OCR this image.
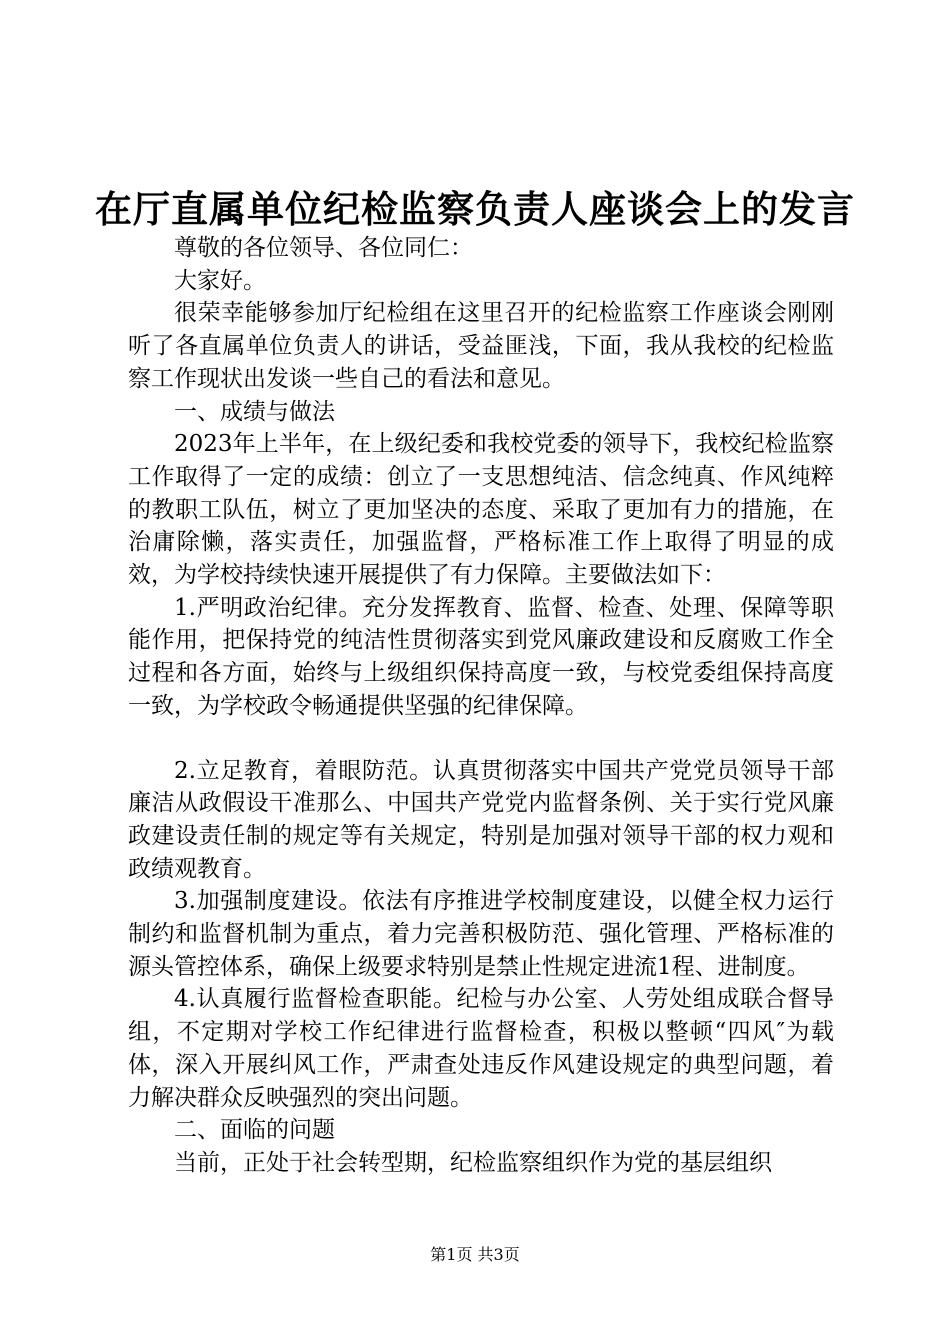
在厅直属单位纪检监察负责人座谈会上的发言

尊敬的各位领导、各位同仁：

大家好。

很荣幸能够参加厅纪检组在这里召开的纪检监察工作座谈会刚刚听了各直属单位负责人的讲话，受益匪浅，下面，我从我校的纪检监察工作现状出发谈一些自己的看法和意见。

一、成绩与做法

2023年上半年，在上级纪委和我校党委的领导下，我校纪检监察工作取得了一定的成绩：创立了一支思想纯洁、信念纯真、作风纯粹的教职工队伍，树立了更加坚决的态度、采取了更加有力的措施，在治庸除懒，落实责任，加强监督，严格标准工作上取得了明显的成效，为学校持续快速开展提供了有力保障。主要做法如下：

1.严明政治纪律。充分发挥教育、监督、检查、处理、保障等职能作用，把保持党的纯洁性贯彻落实到党风廉政建设和反腐败工作全过程和各方面，始终与上级组织保持高度一致，与校党委组保持高度一致，为学校政令畅通提供坚强的纪律保障。

2.立足教育，着眼防范。认真贯彻落实中国共产党党员领导干部廉洁从政假设干准那么、中国共产党党内监督条例、关于实行党风廉政建设责任制的规定等有关规定，特别是加强对领导干部的权力观和政绩观教育。

3.加强制度建设。依法有序推进学校制度建设，以健全权力运行制约和监督机制为重点，着力完善积极防范、强化管理、严格标准的源头管控体系，确保上级要求特别是禁止性规定进流1程、进制度。

4.认真履行监督检查职能。纪检与办公室、人劳处组成联合督导组，不定期对学校工作纪律进行监督检查，积极以整顿“四风″为载体，深入开展纠风工作，严肃查处违反作风建设规定的典型问题，着力解决群众反映强烈的突出问题。

二、面临的问题

当前，正处于社会转型期，纪检监察组织作为党的基层组织

第1页 共3页
